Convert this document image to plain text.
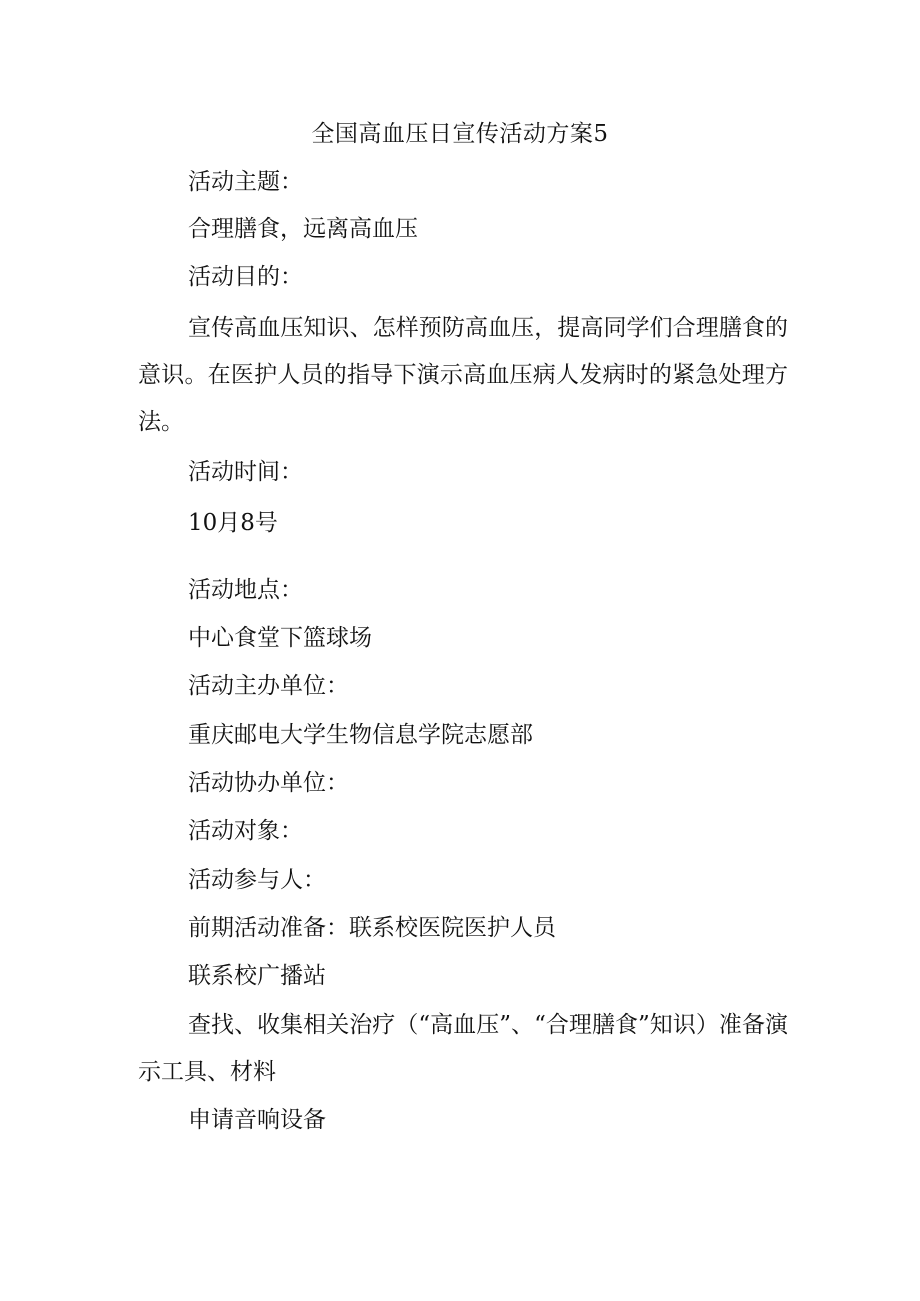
全国高血压日宣传活动方案5
活动主题：
合理膳食，远离高血压
活动目的：
宣传高血压知识、怎样预防高血压，提高同学们合理膳食的意识。在医护人员的指导下演示高血压病人发病时的紧急处理方法。
活动时间：
10月8号
活动地点：
中心食堂下篮球场
活动主办单位：
重庆邮电大学生物信息学院志愿部
活动协办单位：
活动对象：
活动参与人：
前期活动准备：联系校医院医护人员
联系校广播站
查找、收集相关治疗（“高血压”、“合理膳食”知识）准备演示工具、材料
申请音响设备
